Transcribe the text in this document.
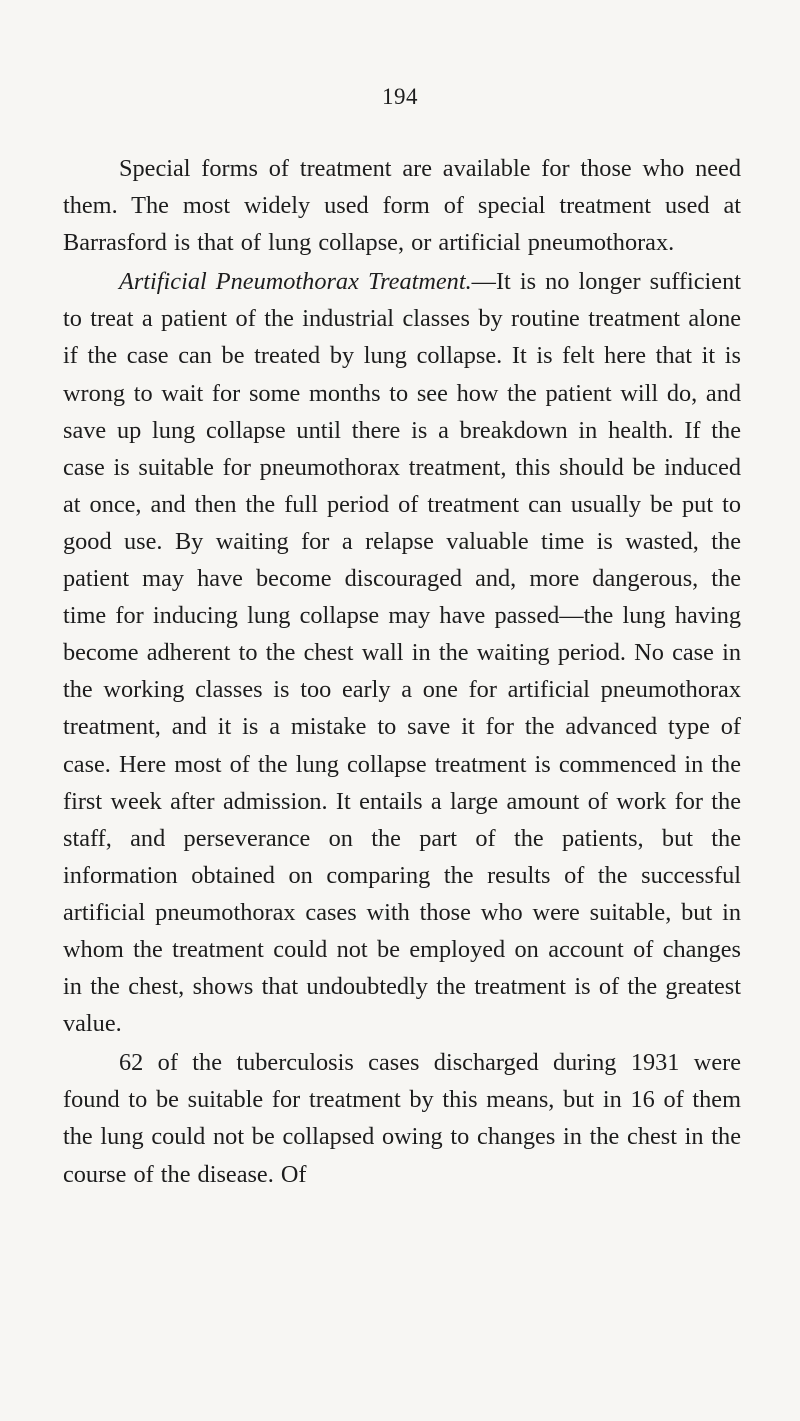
194

Special forms of treatment are available for those who need them. The most widely used form of special treatment used at Barrasford is that of lung collapse, or artificial pneumothorax.

Artificial Pneumothorax Treatment.—It is no longer sufficient to treat a patient of the industrial classes by routine treatment alone if the case can be treated by lung collapse. It is felt here that it is wrong to wait for some months to see how the patient will do, and save up lung collapse until there is a breakdown in health. If the case is suitable for pneumothorax treatment, this should be induced at once, and then the full period of treatment can usually be put to good use. By waiting for a relapse valuable time is wasted, the patient may have become discouraged and, more dangerous, the time for inducing lung collapse may have passed—the lung having become adherent to the chest wall in the waiting period. No case in the working classes is too early a one for artificial pneumothorax treatment, and it is a mistake to save it for the advanced type of case. Here most of the lung collapse treatment is commenced in the first week after admission. It entails a large amount of work for the staff, and perseverance on the part of the patients, but the information obtained on comparing the results of the successful artificial pneumothorax cases with those who were suitable, but in whom the treatment could not be employed on account of changes in the chest, shows that undoubtedly the treatment is of the greatest value.

62 of the tuberculosis cases discharged during 1931 were found to be suitable for treatment by this means, but in 16 of them the lung could not be collapsed owing to changes in the chest in the course of the disease. Of
